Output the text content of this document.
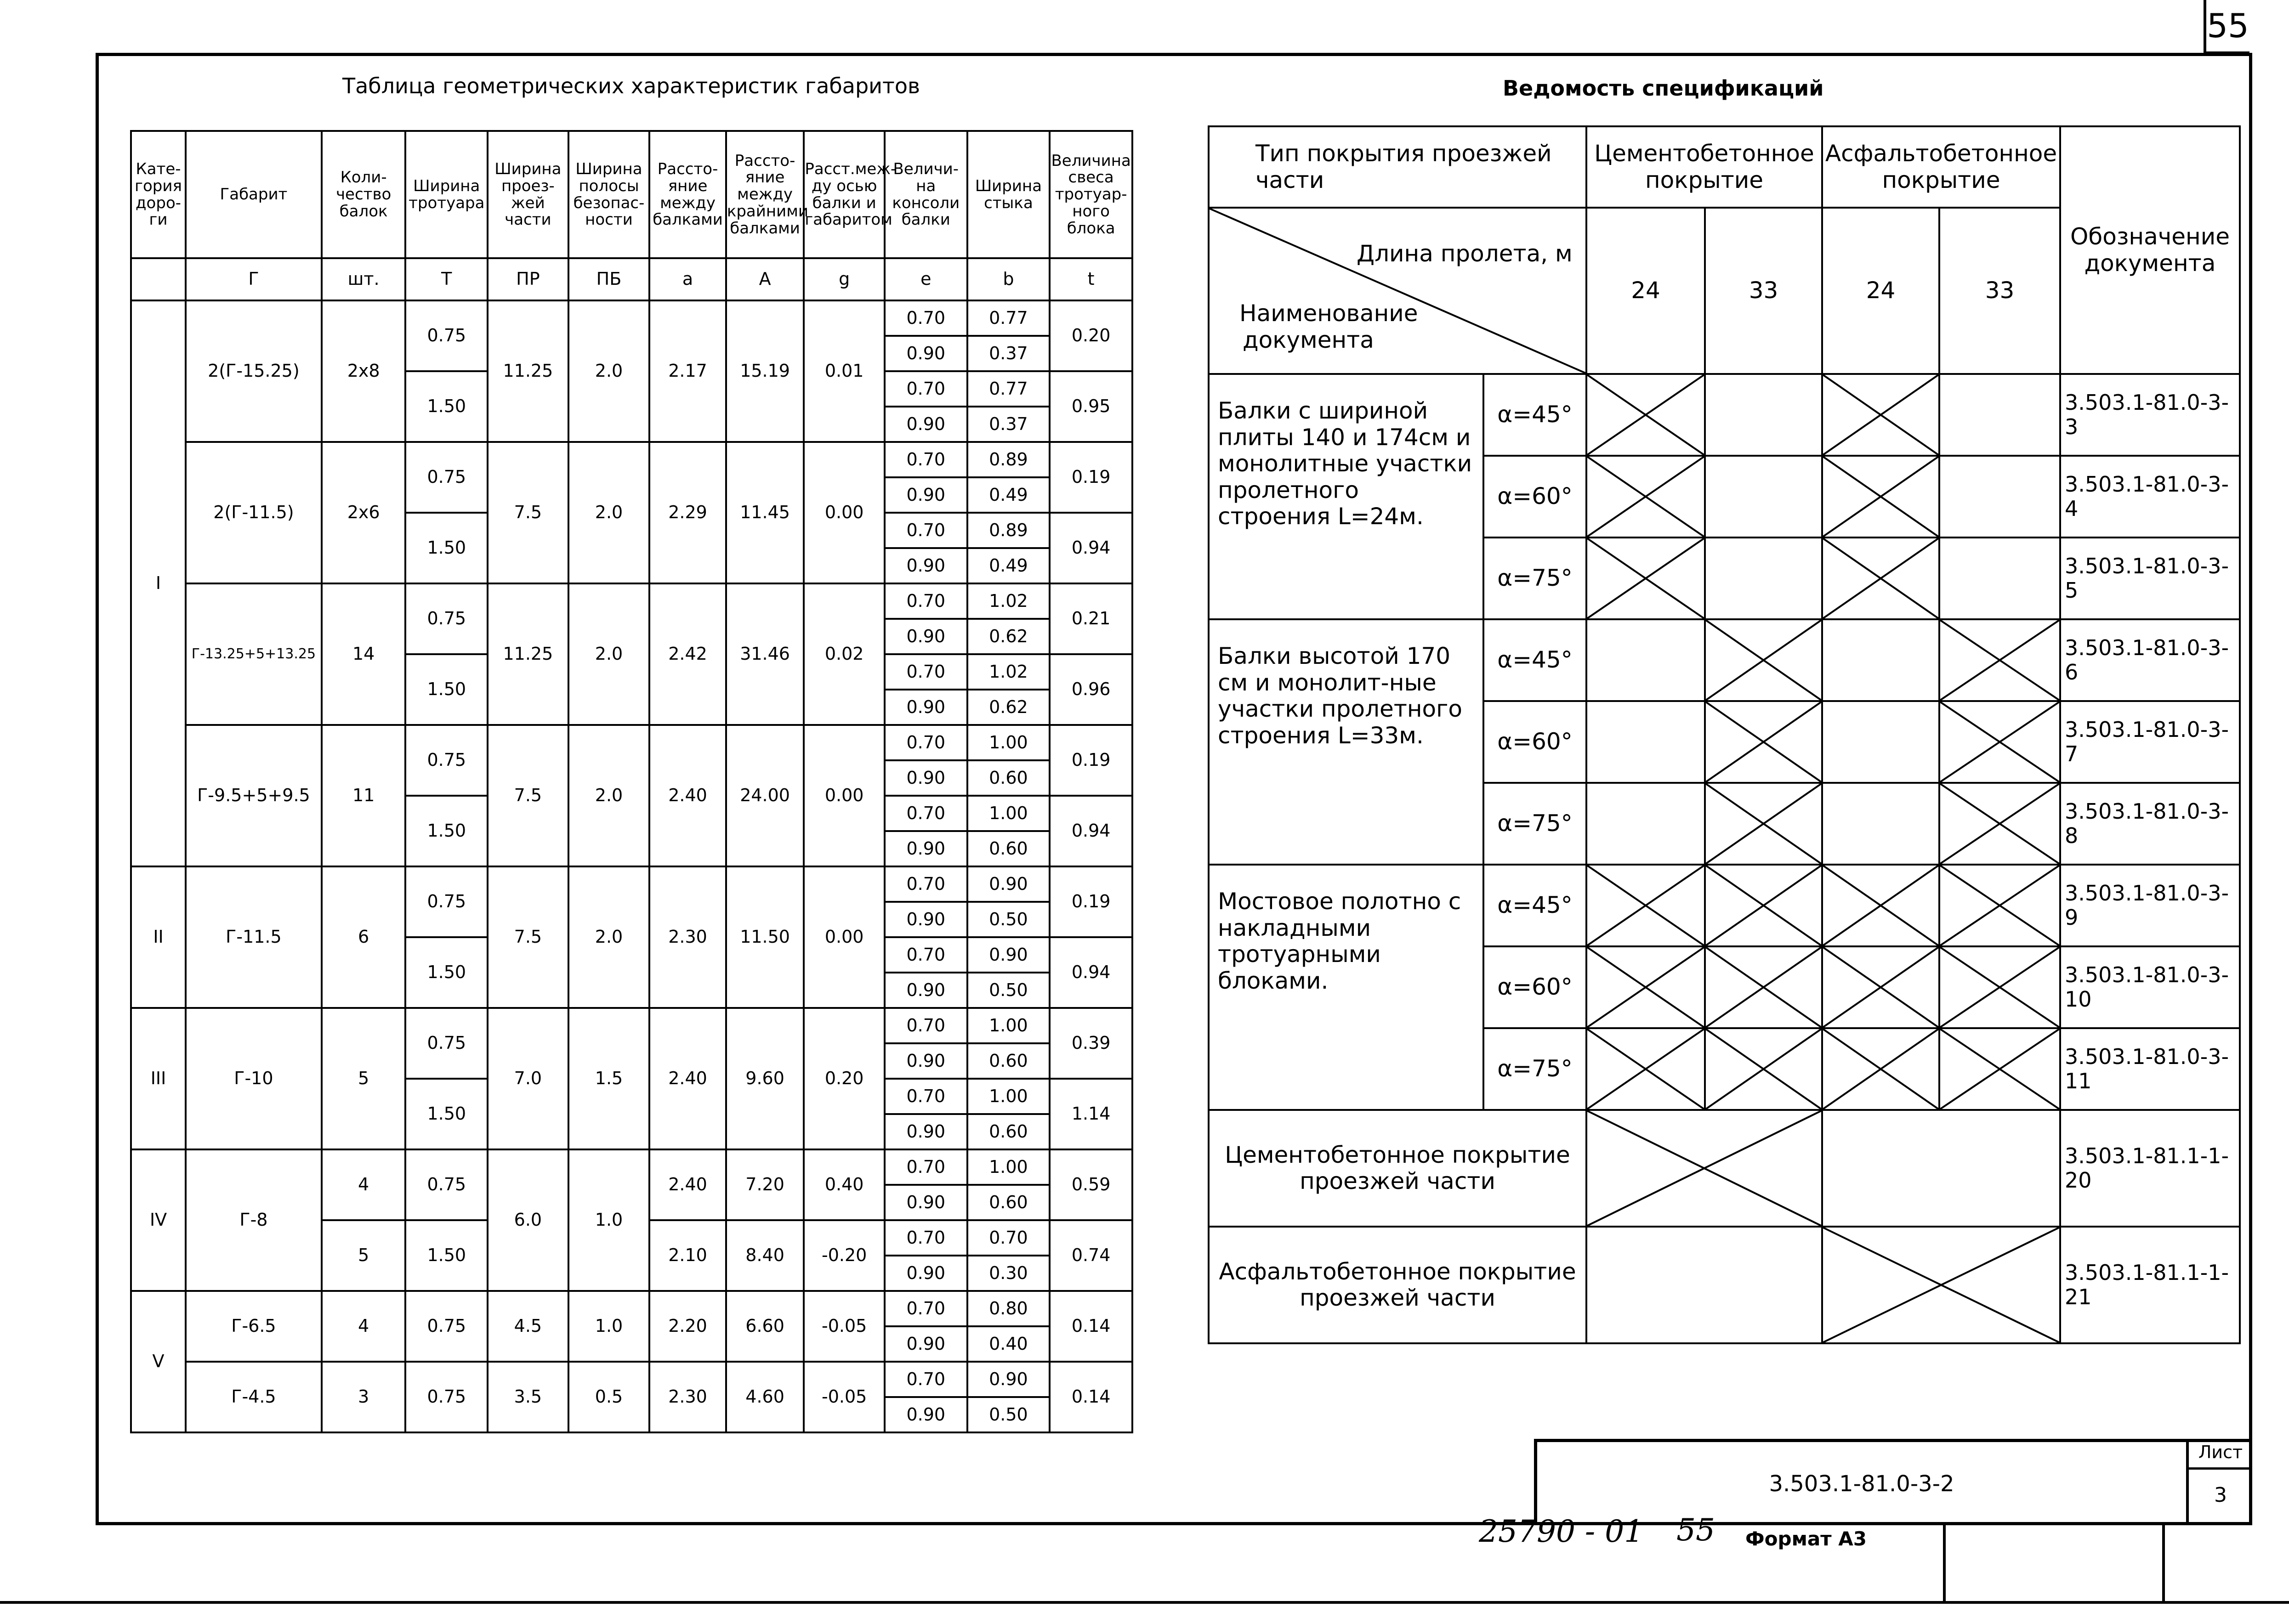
55
Таблица геометрических характеристик габаритов	Ведомость спецификаций
Кате-гория доро-ги	Габарит	Коли-чество балок	Ширина тротуара	Ширина проез-жей части	Ширина полосы безопас-ности	Рассто-яние между балками	Рассто-яние между крайними балками	Расст.меж-ду осью балки и габаритом	Величи-на консоли балки	Ширина стыка	Величина свеса тротуар-ного блока
	Г	шт.	Т	ПР	ПБ	a	A	g	e	b	t
I	2(Г-15.25)	2x8	0.75	11.25	2.0	2.17	15.19	0.01	0.70	0.77	0.20
									0.90	0.37	
			1.50						0.70	0.77	0.95
									0.90	0.37	
	2(Г-11.5)	2x6	0.75	7.5	2.0	2.29	11.45	0.00	0.70	0.89	0.19
									0.90	0.49	
			1.50						0.70	0.89	0.94
									0.90	0.49	
	Г-13.25+5+13.25	14	0.75	11.25	2.0	2.42	31.46	0.02	0.70	1.02	0.21
									0.90	0.62	
			1.50						0.70	1.02	0.96
									0.90	0.62	
	Г-9.5+5+9.5	11	0.75	7.5	2.0	2.40	24.00	0.00	0.70	1.00	0.19
									0.90	0.60	
			1.50						0.70	1.00	0.94
									0.90	0.60	
II	Г-11.5	6	0.75	7.5	2.0	2.30	11.50	0.00	0.70	0.90	0.19
									0.90	0.50	
			1.50						0.70	0.90	0.94
									0.90	0.50	
III	Г-10	5	0.75	7.0	1.5	2.40	9.60	0.20	0.70	1.00	0.39
									0.90	0.60	
			1.50						0.70	1.00	1.14
									0.90	0.60	
IV	Г-8	4	0.75	6.0	1.0	2.40	7.20	0.40	0.70	1.00	0.59
									0.90	0.60	
		5	1.50			2.10	8.40	-0.20	0.70	0.70	0.74
									0.90	0.30	
V	Г-6.5	4	0.75	4.5	1.0	2.20	6.60	-0.05	0.70	0.80	0.14
									0.90	0.40	
	Г-4.5	3	0.75	3.5	0.5	2.30	4.60	-0.05	0.70	0.90	0.14
									0.90	0.50	
Тип покрытия проезжей части		Цементобетонное покрытие		Асфальтобетонное покрытие		Обозначение документа

Длина пролета, м
Наименование документа		24	33	24	33	
Балки с шириной плиты 140 и 174см и монолитные участки пролетного строения L=24м.	α=45°					3.503.1-81.0-3-3
	α=60°					3.503.1-81.0-3-4
	α=75°					3.503.1-81.0-3-5
Балки высотой 170 см и монолит-ные участки пролетного строения L=33м.	α=45°					3.503.1-81.0-3-6
	α=60°					3.503.1-81.0-3-7
	α=75°					3.503.1-81.0-3-8
Мостовое полотно с накладными тротуарными блоками.	α=45°					3.503.1-81.0-3-9
	α=60°					3.503.1-81.0-3-10
	α=75°					3.503.1-81.0-3-11
Цементобетонное покрытие проезжей части						3.503.1-81.1-1-20
Асфальтобетонное покрытие проезжей части						3.503.1-81.1-1-21
3.503.1-81.0-3-2
Лист
3
25790 - 01 55 Формат А3
